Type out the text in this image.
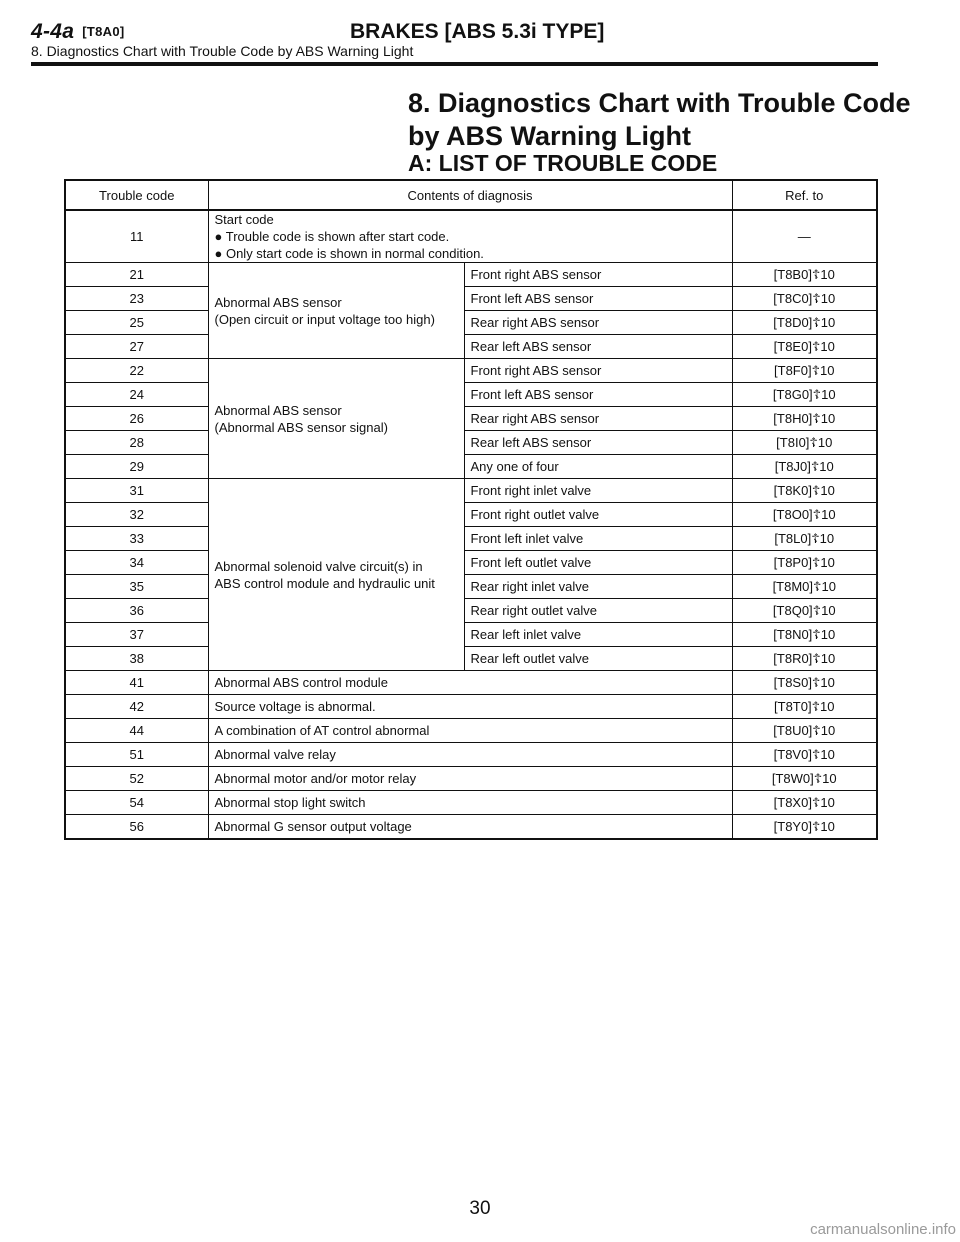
4-4a [T8A0]	BRAKES [ABS 5.3i TYPE]
8. Diagnostics Chart with Trouble Code by ABS Warning Light
8. Diagnostics Chart with Trouble Code
by ABS Warning Light
A: LIST OF TROUBLE CODE
Trouble code	Contents of diagnosis		Ref. to
11	Start code
● Trouble code is shown after start code.
● Only start code is shown in normal condition.		—
21	Abnormal ABS sensor
(Open circuit or input voltage too high)	Front right ABS sensor	[T8B0]☦10
23		Front left ABS sensor	[T8C0]☦10
25		Rear right ABS sensor	[T8D0]☦10
27		Rear left ABS sensor	[T8E0]☦10
22	Abnormal ABS sensor
(Abnormal ABS sensor signal)	Front right ABS sensor	[T8F0]☦10
24		Front left ABS sensor	[T8G0]☦10
26		Rear right ABS sensor	[T8H0]☦10
28		Rear left ABS sensor	[T8I0]☦10
29		Any one of four	[T8J0]☦10
31	Abnormal solenoid valve circuit(s) in
ABS control module and hydraulic unit	Front right inlet valve	[T8K0]☦10
32		Front right outlet valve	[T8O0]☦10
33		Front left inlet valve	[T8L0]☦10
34		Front left outlet valve	[T8P0]☦10
35		Rear right inlet valve	[T8M0]☦10
36		Rear right outlet valve	[T8Q0]☦10
37		Rear left inlet valve	[T8N0]☦10
38		Rear left outlet valve	[T8R0]☦10
41	Abnormal ABS control module		[T8S0]☦10
42	Source voltage is abnormal.		[T8T0]☦10
44	A combination of AT control abnormal		[T8U0]☦10
51	Abnormal valve relay		[T8V0]☦10
52	Abnormal motor and/or motor relay		[T8W0]☦10
54	Abnormal stop light switch		[T8X0]☦10
56	Abnormal G sensor output voltage		[T8Y0]☦10
30
carmanualsonline.info
